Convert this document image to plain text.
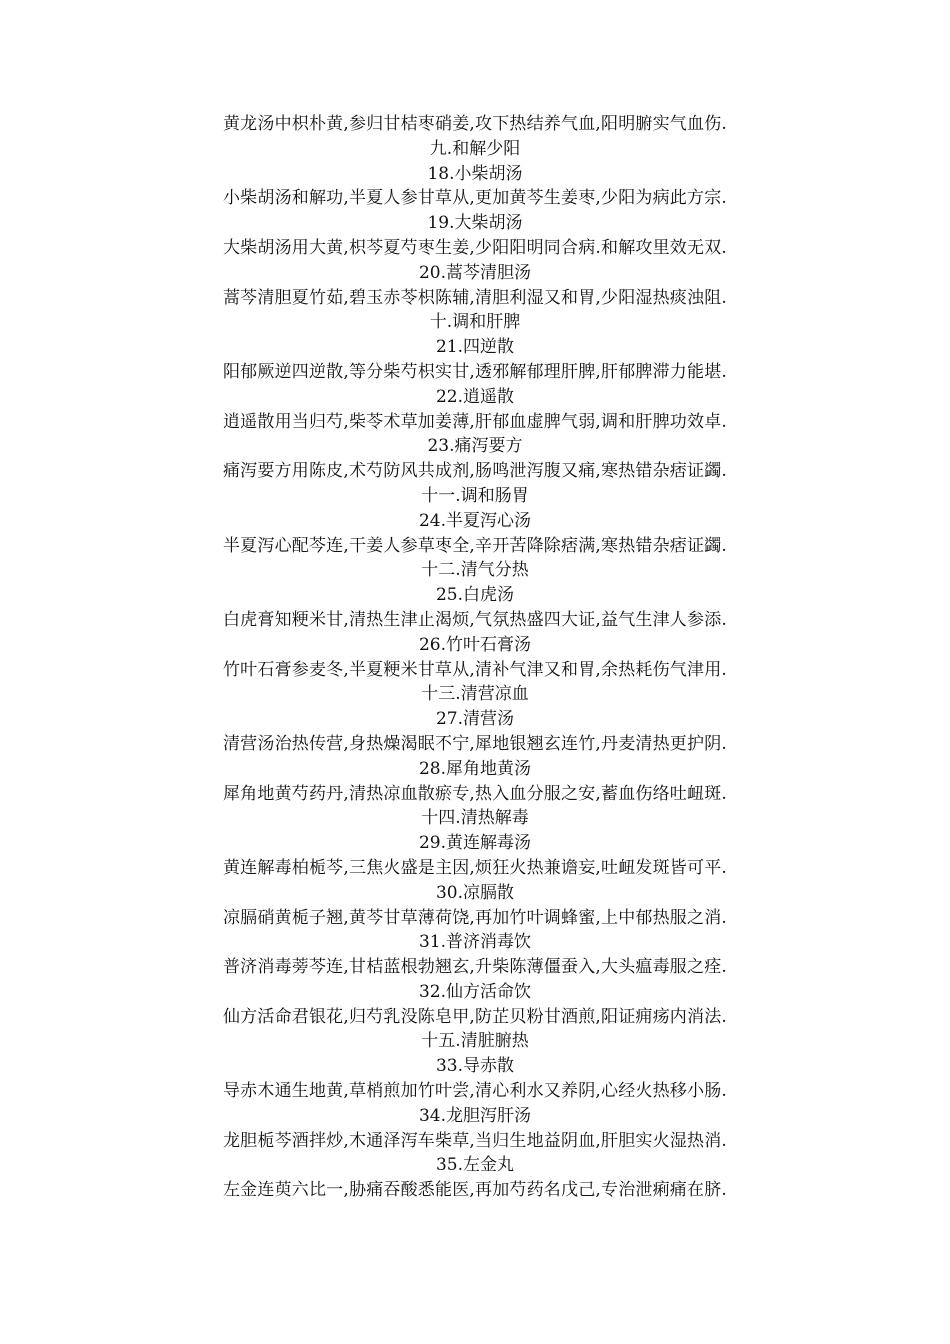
黄龙汤中枳朴黄,参归甘桔枣硝姜,攻下热结养气血,阳明腑实气血伤.
九.和解少阳
18.小柴胡汤
小柴胡汤和解功,半夏人参甘草从,更加黄芩生姜枣,少阳为病此方宗.
19.大柴胡汤
大柴胡汤用大黄,枳芩夏芍枣生姜,少阳阳明同合病.和解攻里效无双.
20.蒿芩清胆汤
蒿芩清胆夏竹茹,碧玉赤苓枳陈辅,清胆利湿又和胃,少阳湿热痰浊阻.
十.调和肝脾
21.四逆散
阳郁厥逆四逆散,等分柴芍枳实甘,透邪解郁理肝脾,肝郁脾滞力能堪.
22.逍遥散
逍遥散用当归芍,柴苓术草加姜薄,肝郁血虚脾气弱,调和肝脾功效卓.
23.痛泻要方
痛泻要方用陈皮,术芍防风共成剂,肠鸣泄泻腹又痛,寒热错杂痞证蠲.
十一.调和肠胃
24.半夏泻心汤
半夏泻心配芩连,干姜人参草枣全,辛开苦降除痞满,寒热错杂痞证蠲.
十二.清气分热
25.白虎汤
白虎膏知粳米甘,清热生津止渴烦,气氛热盛四大证,益气生津人参添.
26.竹叶石膏汤
竹叶石膏参麦冬,半夏粳米甘草从,清补气津又和胃,余热耗伤气津用.
十三.清营凉血
27.清营汤
清营汤治热传营,身热燥渴眠不宁,犀地银翘玄连竹,丹麦清热更护阴.
28.犀角地黄汤
犀角地黄芍药丹,清热凉血散瘀专,热入血分服之安,蓄血伤络吐衄斑.
十四.清热解毒
29.黄连解毒汤
黄连解毒柏栀芩,三焦火盛是主因,烦狂火热兼谵妄,吐衄发斑皆可平.
30.凉膈散
凉膈硝黄栀子翘,黄芩甘草薄荷饶,再加竹叶调蜂蜜,上中郁热服之消.
31.普济消毒饮
普济消毒蒡芩连,甘桔蓝根勃翘玄,升柴陈薄僵蚕入,大头瘟毒服之痊.
32.仙方活命饮
仙方活命君银花,归芍乳没陈皂甲,防芷贝粉甘酒煎,阳证痈疡内消法.
十五.清脏腑热
33.导赤散
导赤木通生地黄,草梢煎加竹叶尝,清心利水又养阴,心经火热移小肠.
34.龙胆泻肝汤
龙胆栀芩酒拌炒,木通泽泻车柴草,当归生地益阴血,肝胆实火湿热消.
35.左金丸
左金连萸六比一,胁痛吞酸悉能医,再加芍药名戊己,专治泄痢痛在脐.
